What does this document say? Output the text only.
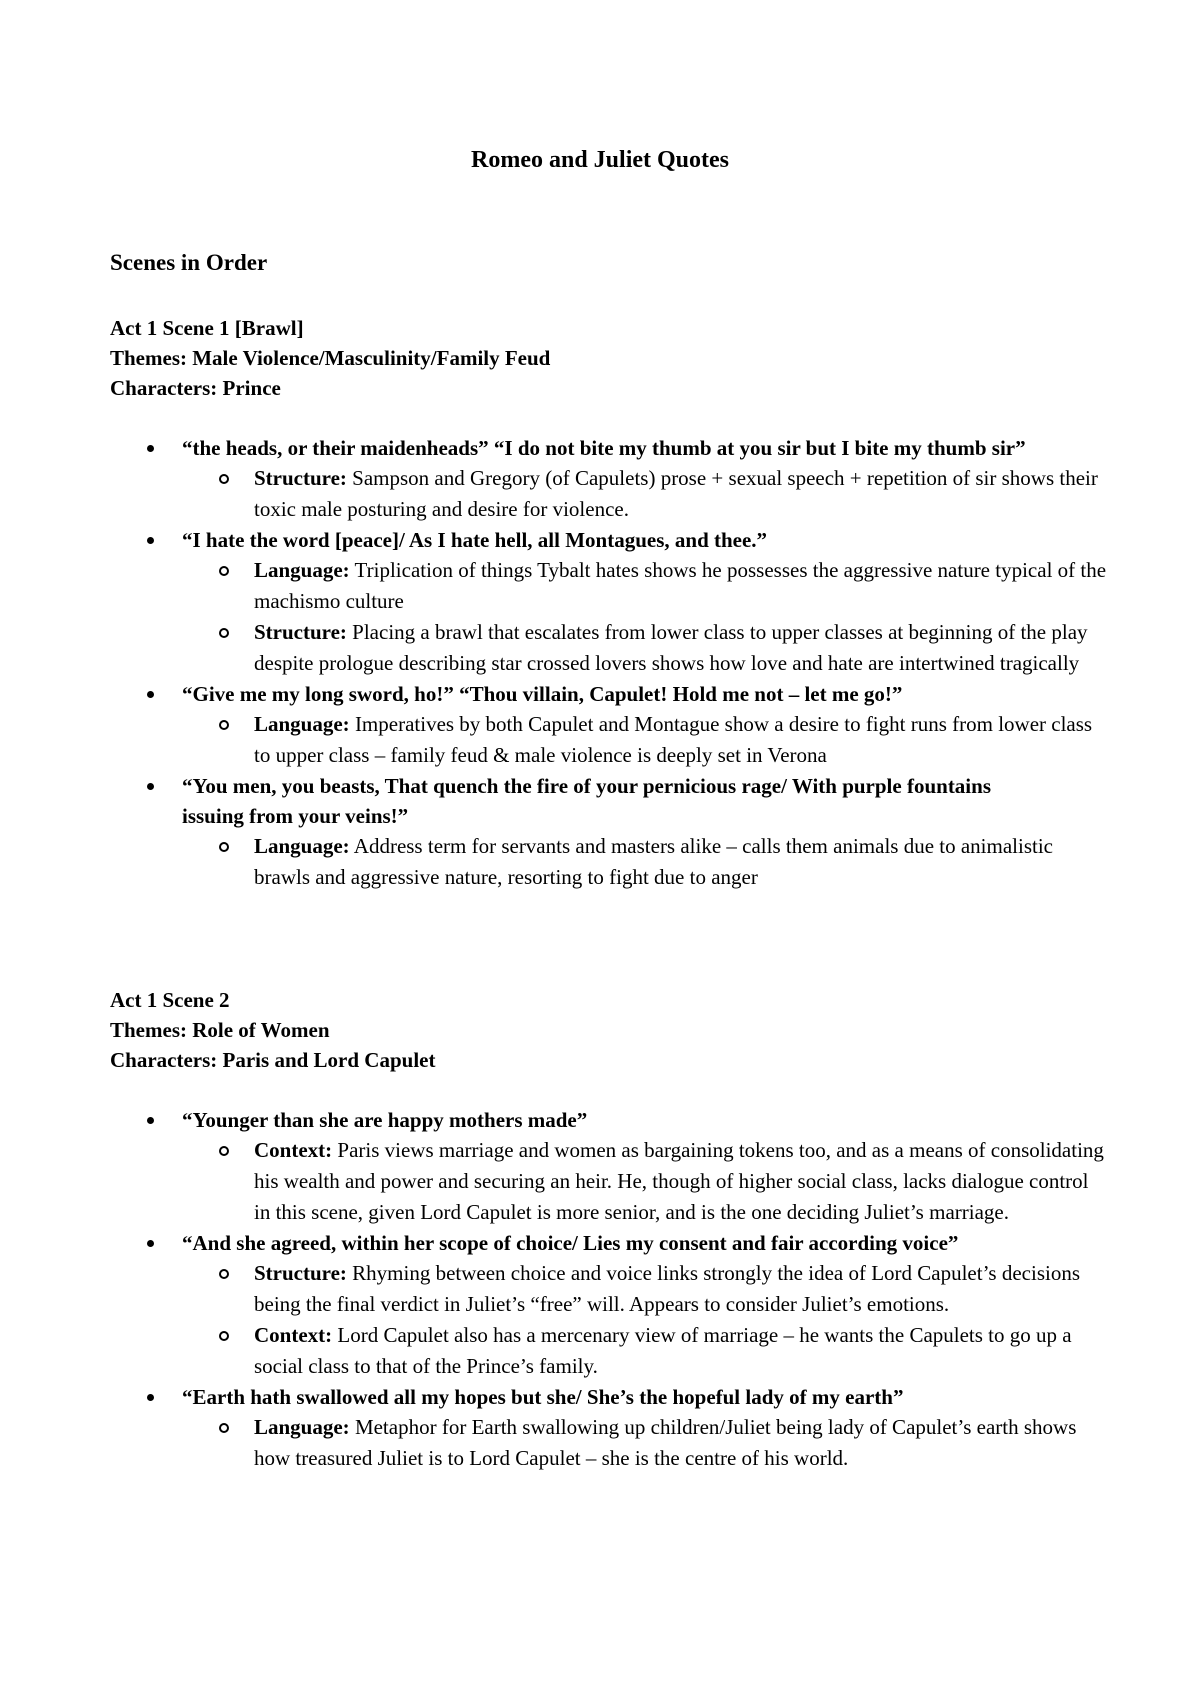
Romeo and Juliet Quotes
Scenes in Order
Act 1 Scene 1 [Brawl]
Themes: Male Violence/Masculinity/Family Feud
Characters: Prince
“the heads, or their maidenheads” “I do not bite my thumb at you sir but I bite my thumb sir”
Structure: Sampson and Gregory (of Capulets) prose + sexual speech + repetition of sir shows their toxic male posturing and desire for violence.
“I hate the word [peace]/ As I hate hell, all Montagues, and thee.”
Language: Triplication of things Tybalt hates shows he possesses the aggressive nature typical of the machismo culture
Structure: Placing a brawl that escalates from lower class to upper classes at beginning of the play despite prologue describing star crossed lovers shows how love and hate are intertwined tragically
“Give me my long sword, ho!” “Thou villain, Capulet! Hold me not – let me go!”
Language: Imperatives by both Capulet and Montague show a desire to fight runs from lower class to upper class – family feud & male violence is deeply set in Verona
“You men, you beasts, That quench the fire of your pernicious rage/ With purple fountains issuing from your veins!”
Language: Address term for servants and masters alike – calls them animals due to animalistic brawls and aggressive nature, resorting to fight due to anger
Act 1 Scene 2
Themes: Role of Women
Characters: Paris and Lord Capulet
“Younger than she are happy mothers made”
Context: Paris views marriage and women as bargaining tokens too, and as a means of consolidating his wealth and power and securing an heir. He, though of higher social class, lacks dialogue control in this scene, given Lord Capulet is more senior, and is the one deciding Juliet’s marriage.
“And she agreed, within her scope of choice/ Lies my consent and fair according voice”
Structure: Rhyming between choice and voice links strongly the idea of Lord Capulet’s decisions being the final verdict in Juliet’s “free” will. Appears to consider Juliet’s emotions.
Context: Lord Capulet also has a mercenary view of marriage – he wants the Capulets to go up a social class to that of the Prince’s family.
“Earth hath swallowed all my hopes but she/ She’s the hopeful lady of my earth”
Language: Metaphor for Earth swallowing up children/Juliet being lady of Capulet’s earth shows how treasured Juliet is to Lord Capulet – she is the centre of his world.
